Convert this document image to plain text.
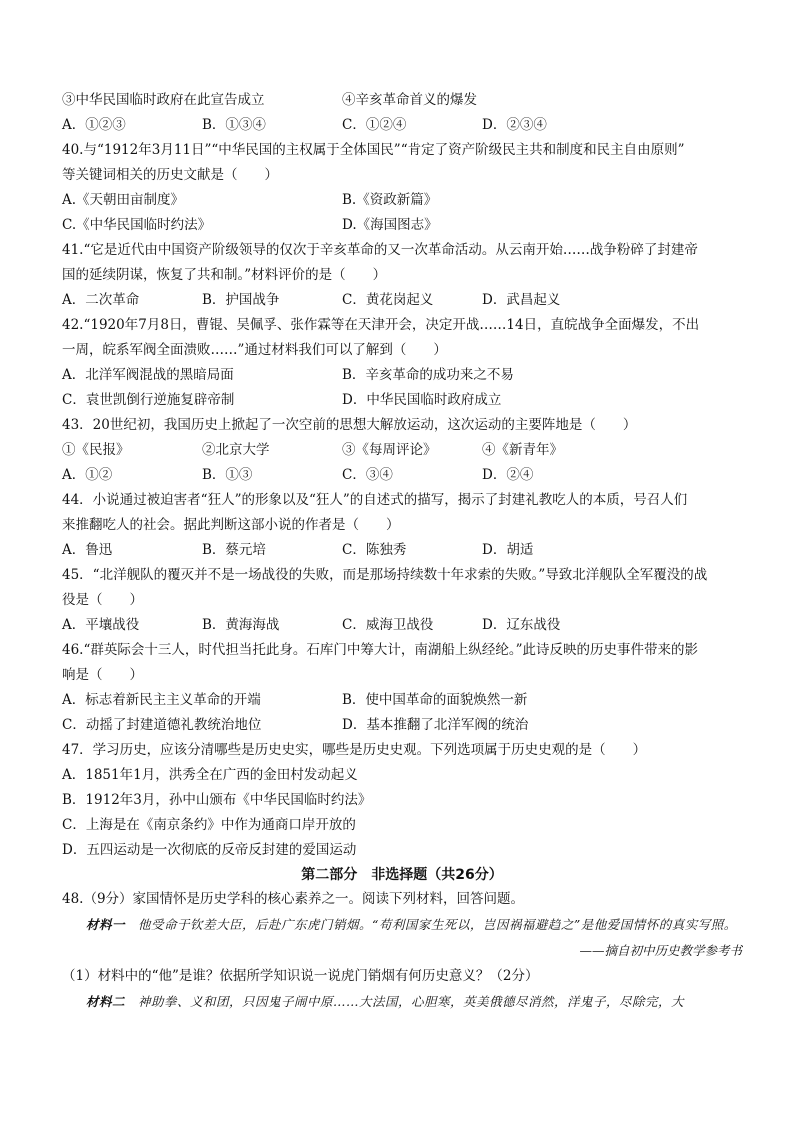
③中华民国临时政府在此宣告成立	④辛亥革命首义的爆发
A．①②③	B．①③④	C．①②④	D．②③④
40.与“1912年3月11日”“中华民国的主权属于全体国民”“肯定了资产阶级民主共和制度和民主自由原则”
等关键词相关的历史文献是（　　）
A.《天朝田亩制度》	B.《资政新篇》
C.《中华民国临时约法》	D.《海国图志》
41.“它是近代由中国资产阶级领导的仅次于辛亥革命的又一次革命活动。从云南开始……战争粉碎了封建帝
国的延续阴谋，恢复了共和制。”材料评价的是（　　）
A．二次革命	B．护国战争	C．黄花岗起义	D．武昌起义
42.“1920年7月8日，曹锟、吴佩孚、张作霖等在天津开会，决定开战……14日，直皖战争全面爆发，不出
一周，皖系军阀全面溃败……”通过材料我们可以了解到（　　）
A．北洋军阀混战的黑暗局面	B．辛亥革命的成功来之不易
C．袁世凯倒行逆施复辟帝制	D．中华民国临时政府成立
43．20世纪初，我国历史上掀起了一次空前的思想大解放运动，这次运动的主要阵地是（　　）
①《民报》	②北京大学	③《每周评论》	④《新青年》
A．①②	B．①③	C．③④	D．②④
44．小说通过被迫害者“狂人”的形象以及“狂人”的自述式的描写，揭示了封建礼教吃人的本质，号召人们
来推翻吃人的社会。据此判断这部小说的作者是（　　）
A．鲁迅	B．蔡元培	C．陈独秀	D．胡适
45．“北洋舰队的覆灭并不是一场战役的失败，而是那场持续数十年求索的失败。”导致北洋舰队全军覆没的战
役是（　　）
A．平壤战役	B．黄海海战	C．威海卫战役	D．辽东战役
46.“群英际会十三人，时代担当托此身。石库门中筹大计，南湖船上纵经纶。”此诗反映的历史事件带来的影
响是（　　）
A．标志着新民主主义革命的开端	B．使中国革命的面貌焕然一新
C．动摇了封建道德礼教统治地位	D．基本推翻了北洋军阀的统治
47．学习历史，应该分清哪些是历史史实，哪些是历史史观。下列选项属于历史史观的是（　　）
A．1851年1月，洪秀全在广西的金田村发动起义
B．1912年3月，孙中山颁布《中华民国临时约法》
C．上海是在《南京条约》中作为通商口岸开放的
D．五四运动是一次彻底的反帝反封建的爱国运动
第二部分　非选择题（共26分）
48.（9分）家国情怀是历史学科的核心素养之一。阅读下列材料，回答问题。
材料一　他受命于钦差大臣，后赴广东虎门销烟。“苟利国家生死以，岂因祸福避趋之”是他爱国情怀的真实写照。
——摘自初中历史教学参考书
（1）材料中的“他”是谁？依据所学知识说一说虎门销烟有何历史意义？（2分）
材料二　神助拳、义和团，只因鬼子闹中原……大法国，心胆寒，英美俄德尽消然，洋鬼子，尽除完，大
